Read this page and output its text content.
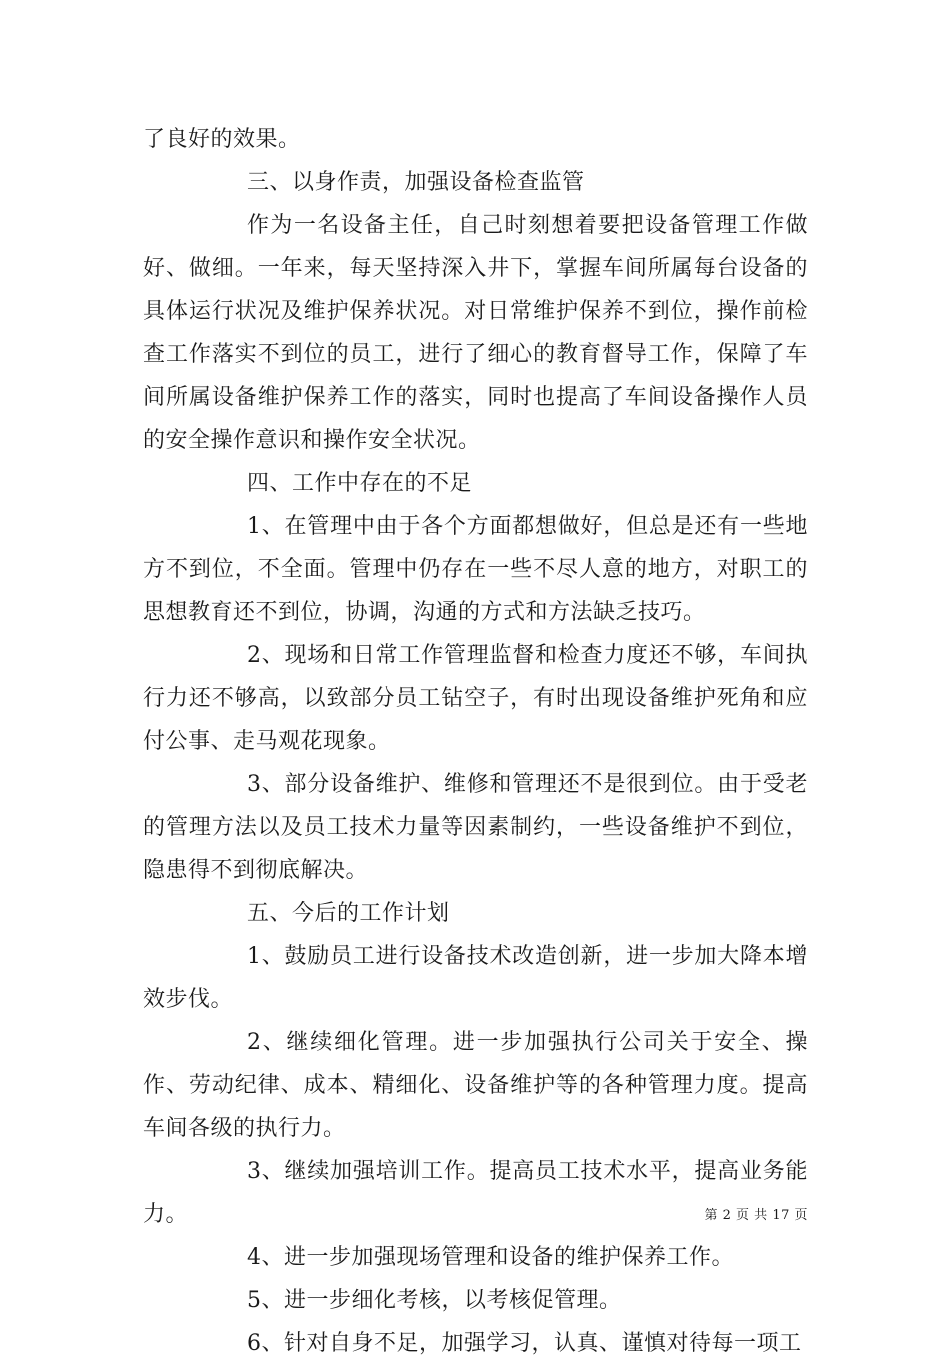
了良好的效果。

三、以身作责，加强设备检查监管

作为一名设备主任，自己时刻想着要把设备管理工作做好、做细。一年来，每天坚持深入井下，掌握车间所属每台设备的具体运行状况及维护保养状况。对日常维护保养不到位，操作前检查工作落实不到位的员工，进行了细心的教育督导工作，保障了车间所属设备维护保养工作的落实，同时也提高了车间设备操作人员的安全操作意识和操作安全状况。

四、工作中存在的不足

1、在管理中由于各个方面都想做好，但总是还有一些地方不到位，不全面。管理中仍存在一些不尽人意的地方，对职工的思想教育还不到位，协调，沟通的方式和方法缺乏技巧。

2、现场和日常工作管理监督和检查力度还不够，车间执行力还不够高，以致部分员工钻空子，有时出现设备维护死角和应付公事、走马观花现象。

3、部分设备维护、维修和管理还不是很到位。由于受老的管理方法以及员工技术力量等因素制约，一些设备维护不到位，隐患得不到彻底解决。

五、今后的工作计划

1、鼓励员工进行设备技术改造创新，进一步加大降本增效步伐。

2、继续细化管理。进一步加强执行公司关于安全、操作、劳动纪律、成本、精细化、设备维护等的各种管理力度。提高车间各级的执行力。

3、继续加强培训工作。提高员工技术水平，提高业务能力。

4、进一步加强现场管理和设备的维护保养工作。

5、进一步细化考核，以考核促管理。

6、针对自身不足，加强学习，认真、谨慎对待每一项工

第 2 页 共 17 页
